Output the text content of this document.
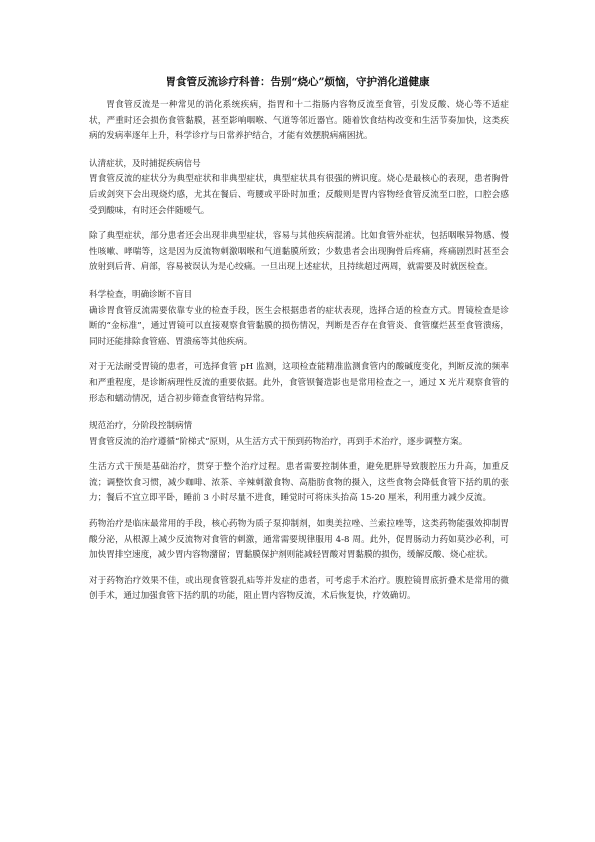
胃食管反流诊疗科普：告别“烧心”烦恼，守护消化道健康

胃食管反流是一种常见的消化系统疾病，指胃和十二指肠内容物反流至食管，引发反酸、烧心等不适症状，严重时还会损伤食管黏膜，甚至影响咽喉、气道等邻近器官。随着饮食结构改变和生活节奏加快，这类疾病的发病率逐年上升，科学诊疗与日常养护结合，才能有效摆脱病痛困扰。

认清症状，及时捕捉疾病信号

胃食管反流的症状分为典型症状和非典型症状，典型症状具有很强的辨识度。烧心是最核心的表现，患者胸骨后或剑突下会出现烧灼感，尤其在餐后、弯腰或平卧时加重；反酸则是胃内容物经食管反流至口腔，口腔会感受到酸味，有时还会伴随嗳气。

除了典型症状，部分患者还会出现非典型症状，容易与其他疾病混淆。比如食管外症状，包括咽喉异物感、慢性咳嗽、哮喘等，这是因为反流物刺激咽喉和气道黏膜所致；少数患者会出现胸骨后疼痛，疼痛剧烈时甚至会放射到后背、肩部，容易被误认为是心绞痛。一旦出现上述症状，且持续超过两周，就需要及时就医检查。

科学检查，明确诊断不盲目

确诊胃食管反流需要依靠专业的检查手段，医生会根据患者的症状表现，选择合适的检查方式。胃镜检查是诊断的“金标准”，通过胃镜可以直接观察食管黏膜的损伤情况，判断是否存在食管炎、食管糜烂甚至食管溃疡，同时还能排除食管癌、胃溃疡等其他疾病。

对于无法耐受胃镜的患者，可选择食管 pH 监测，这项检查能精准监测食管内的酸碱度变化，判断反流的频率和严重程度，是诊断病理性反流的重要依据。此外，食管钡餐造影也是常用检查之一，通过 X 光片观察食管的形态和蠕动情况，适合初步筛查食管结构异常。

规范治疗，分阶段控制病情

胃食管反流的治疗遵循“阶梯式”原则，从生活方式干预到药物治疗，再到手术治疗，逐步调整方案。

生活方式干预是基础治疗，贯穿于整个治疗过程。患者需要控制体重，避免肥胖导致腹腔压力升高，加重反流；调整饮食习惯，减少咖啡、浓茶、辛辣刺激食物、高脂肪食物的摄入，这些食物会降低食管下括约肌的张力；餐后不宜立即平卧，睡前 3 小时尽量不进食，睡觉时可将床头抬高 15-20 厘米，利用重力减少反流。

药物治疗是临床最常用的手段，核心药物为质子泵抑制剂，如奥美拉唑、兰索拉唑等，这类药物能强效抑制胃酸分泌，从根源上减少反流物对食管的刺激，通常需要规律服用 4-8 周。此外，促胃肠动力药如莫沙必利，可加快胃排空速度，减少胃内容物潴留；胃黏膜保护剂则能减轻胃酸对胃黏膜的损伤，缓解反酸、烧心症状。

对于药物治疗效果不佳，或出现食管裂孔疝等并发症的患者，可考虑手术治疗。腹腔镜胃底折叠术是常用的微创手术，通过加强食管下括约肌的功能，阻止胃内容物反流，术后恢复快，疗效确切。
